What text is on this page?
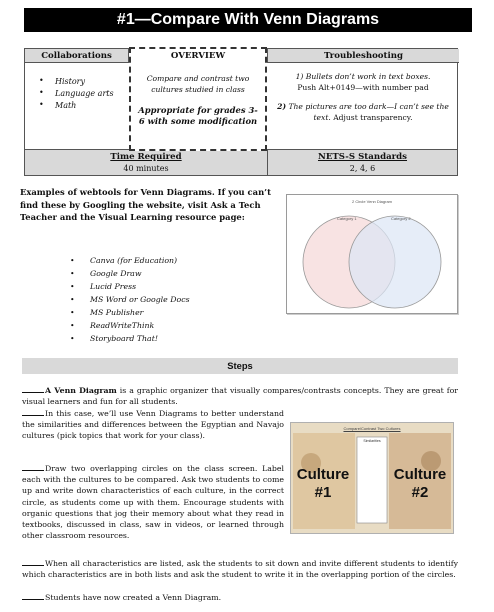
#1—Compare With Venn Diagrams
Collaborations
• History
• Language arts
• Math
Troubleshooting

1) Bullets don’t work in text boxes.
Push Alt+0149—with number pad

2) The pictures are too dark—I can’t see the text. Adjust transparency.

OVERVIEW
Compare and contrast two cultures studied in class
Appropriate for grades 3-6 with some modification
Time Required
40 minutes
NETS-S Standards
2, 4, 6
Examples of webtools for Venn Diagrams. If you can’t find these by Googling the website, visit Ask a Tech Teacher and the Visual Learning resource page:
• Canva (for Education)
• Google Draw
• Lucid Press
• MS Word or Google Docs
• MS Publisher
• ReadWriteThink
• Storyboard That!
2 Circle Venn Diagram
Category 1	Category 2
Steps
A Venn Diagram is a graphic organizer that visually compares/contrasts concepts. They are great for visual learners and fun for all students.
In this case, we’ll use Venn Diagrams to better understand the similarities and differences between the Egyptian and Navajo cultures (pick topics that work for your class).
Draw two overlapping circles on the class screen. Label each with the cultures to be compared. Ask two students to come up and write down characteristics of each culture, in the correct circle, as students come up with them. Encourage students with organic questions that jog their memory about what they read in textbooks, discussed in class, saw in videos, or learned through other classroom resources.
When all characteristics are listed, ask the students to sit down and invite different students to identify which characteristics are in both lists and ask the student to write it in the overlapping portion of the circles.
Students have now created a Venn Diagram.
Similarities
Culture
#1
Culture
#2
Compare/Contrast Two Cultures
